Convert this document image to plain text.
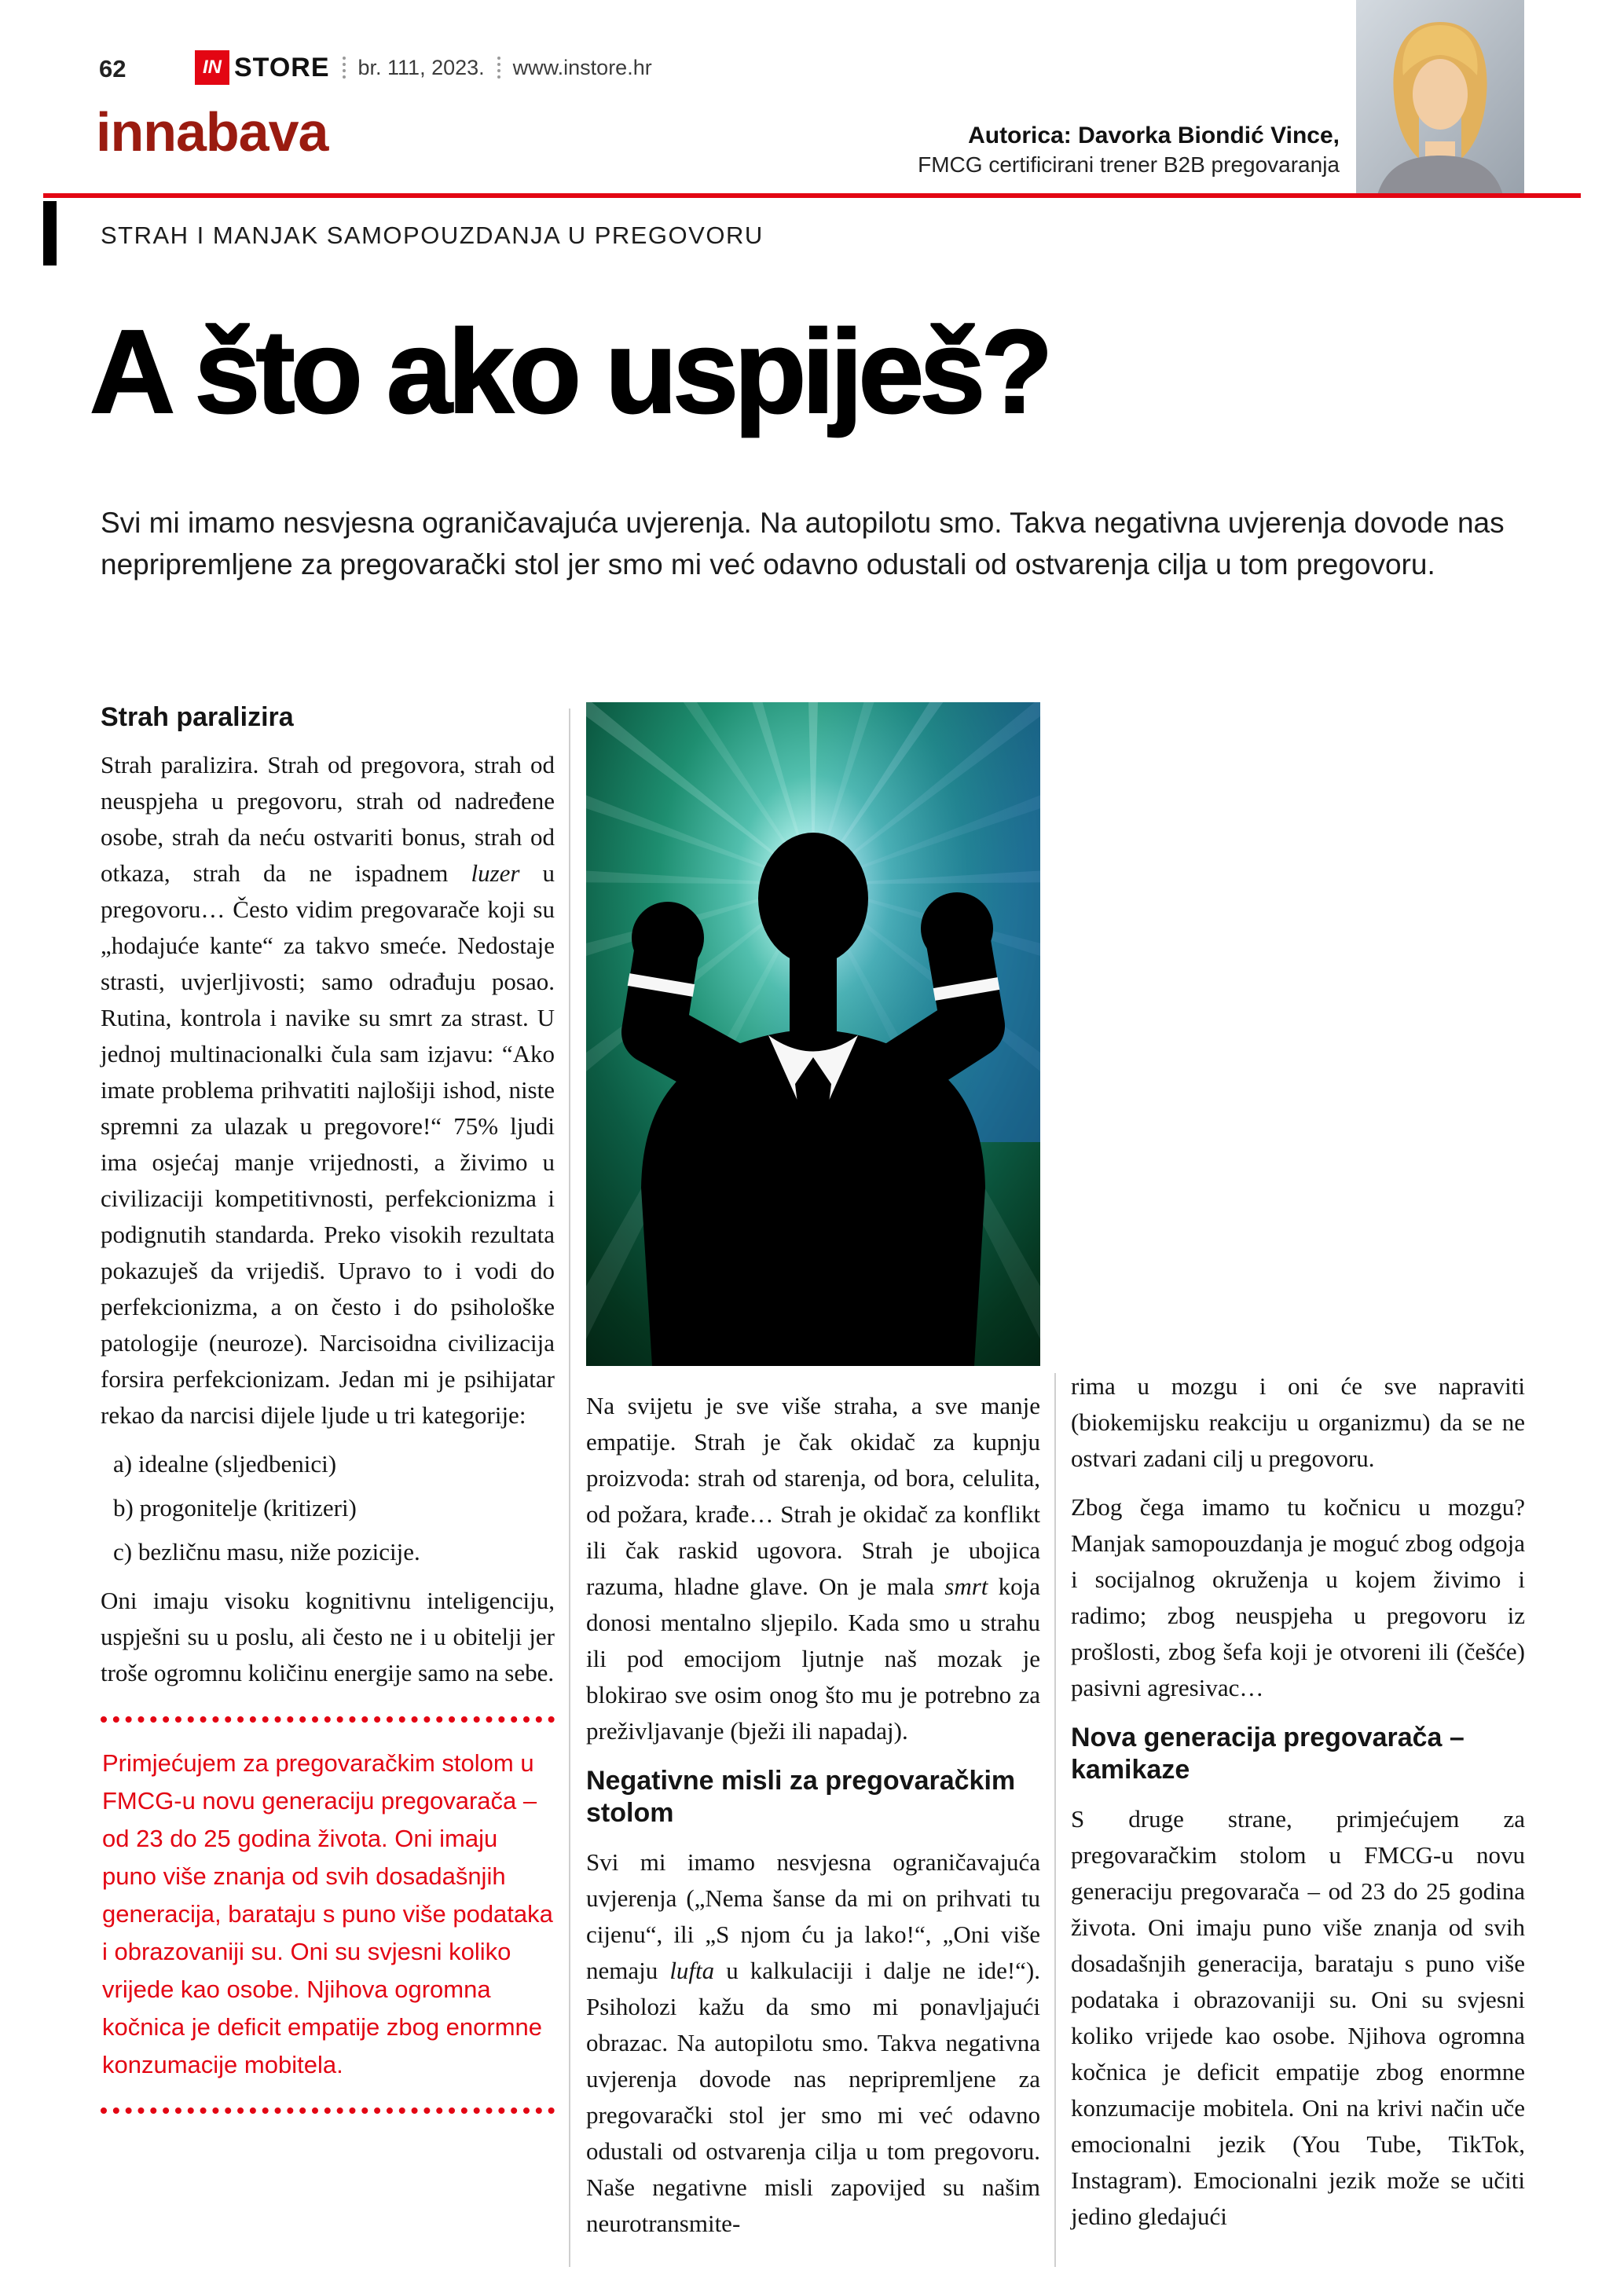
62	IN STORE br. 111, 2023. www.instore.hr
innabava	Autorica: Davorka Biondić Vince,
FMCG certificirani trener B2B pregovaranja
STRAH I MANJAK SAMOPOUZDANJA U PREGOVORU
A što ako uspiješ?

Svi mi imamo nesvjesna ograničavajuća uvjerenja. Na autopilotu smo. Takva negativna uvjerenja dovode nas nepripremljene za pregovarački stol jer smo mi već odavno odustali od ostvarenja cilja u tom pregovoru.

Strah paralizira

Strah paralizira. Strah od pregovora, strah od neuspjeha u pregovoru, strah od nadređene osobe, strah da neću ostvariti bonus, strah od otkaza, strah da ne ispadnem luzer u pregovoru… Često vidim pregovarače koji su „hodajuće kante“ za takvo smeće. Nedostaje strasti, uvjerljivosti; samo odrađuju posao. Rutina, kontrola i navike su smrt za strast. U jednoj multinacionalki čula sam izjavu: “Ako imate problema prihvatiti najlošiji ishod, niste spremni za ulazak u pregovore!“ 75% ljudi ima osjećaj manje vrijednosti, a živimo u civilizaciji kompetitivnosti, perfekcionizma i podignutih standarda. Preko visokih rezultata pokazuješ da vrijediš. Upravo to i vodi do perfekcionizma, a on često i do psihološke patologije (neuroze). Narcisoidna civilizacija forsira perfekcionizam. Jedan mi je psihijatar rekao da narcisi dijele ljude u tri kategorije:

a) idealne (sljedbenici)
b) progonitelje (kritizeri)
c) bezličnu masu, niže pozicije.

Oni imaju visoku kognitivnu inteligenciju, uspješni su u poslu, ali često ne i u obitelji jer troše ogromnu količinu energije samo na sebe.

Primjećujem za pregovaračkim stolom u FMCG-u novu generaciju pregovarača – od 23 do 25 godina života. Oni imaju puno više znanja od svih dosadašnjih generacija, barataju s puno više podataka i obrazovaniji su. Oni su svjesni koliko vrijede kao osobe. Njihova ogromna kočnica je deficit empatije zbog enormne konzumacije mobitela.

Na svijetu je sve više straha, a sve manje empatije. Strah je čak okidač za kupnju proizvoda: strah od starenja, od bora, celulita, od požara, krađe… Strah je okidač za konflikt ili čak raskid ugovora. Strah je ubojica razuma, hladne glave. On je mala smrt koja donosi mentalno sljepilo. Kada smo u strahu ili pod emocijom ljutnje naš mozak je blokirao sve osim onog što mu je potrebno za preživljavanje (bježi ili napadaj).

Negativne misli za pregovaračkim stolom

Svi mi imamo nesvjesna ograničavajuća uvjerenja („Nema šanse da mi on prihvati tu cijenu“, ili „S njom ću ja lako!“, „Oni više nemaju lufta u kalkulaciji i dalje ne ide!“). Psiholozi kažu da smo mi ponavljajući obrazac. Na autopilotu smo. Takva negativna uvjerenja dovode nas nepripremljene za pregovarački stol jer smo mi već odavno odustali od ostvarenja cilja u tom pregovoru. Naše negativne misli zapovijed su našim neurotransmite-

rima u mozgu i oni će sve napraviti (biokemijsku reakciju u organizmu) da se ne ostvari zadani cilj u pregovoru.

Zbog čega imamo tu kočnicu u mozgu? Manjak samopouzdanja je moguć zbog odgoja i socijalnog okruženja u kojem živimo i radimo; zbog neuspjeha u pregovoru iz prošlosti, zbog šefa koji je otvoreni ili (češće) pasivni agresivac…

Nova generacija pregovarača – kamikaze

S druge strane, primjećujem za pregovaračkim stolom u FMCG-u novu generaciju pregovarača – od 23 do 25 godina života. Oni imaju puno više znanja od svih dosadašnjih generacija, barataju s puno više podataka i obrazovaniji su. Oni su svjesni koliko vrijede kao osobe. Njihova ogromna kočnica je deficit empatije zbog enormne konzumacije mobitela. Oni na krivi način uče emocionalni jezik (You Tube, TikTok, Instagram). Emocionalni jezik može se učiti jedino gledajući
